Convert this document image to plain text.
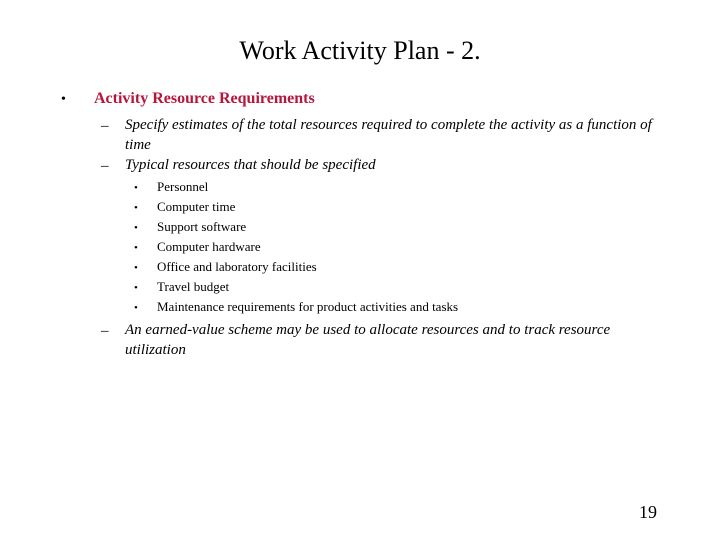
Work Activity Plan - 2.
• Activity Resource Requirements
– Specify estimates of the total resources required to complete the activity as a function of time
– Typical resources that should be specified
• Personnel
• Computer time
• Support software
• Computer hardware
• Office and laboratory facilities
• Travel budget
• Maintenance requirements for product activities and tasks
– An earned-value scheme may be used to allocate resources and to track resource utilization
19
